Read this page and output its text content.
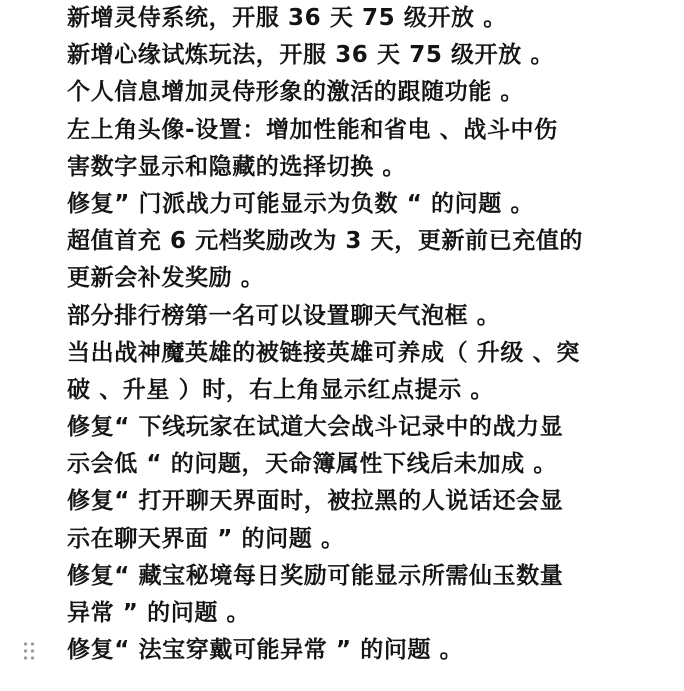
新增灵侍系统，开服 36 天 75 级开放 。
新增心缘试炼玩法，开服 36 天 75 级开放 。
个人信息增加灵侍形象的激活的跟随功能 。
左上角头像-设置：增加性能和省电 、战斗中伤
害数字显示和隐藏的选择切换 。
修复” 门派战力可能显示为负数 “ 的问题 。
超值首充 6 元档奖励改为 3 天，更新前已充值的
更新会补发奖励 。
部分排行榜第一名可以设置聊天气泡框 。
当出战神魔英雄的被链接英雄可养成（ 升级 、突
破 、升星 ）时，右上角显示红点提示 。
修复“ 下线玩家在试道大会战斗记录中的战力显
示会低 “ 的问题，天命簿属性下线后未加成 。
修复“ 打开聊天界面时，被拉黑的人说话还会显
示在聊天界面 ” 的问题 。
修复“ 藏宝秘境每日奖励可能显示所需仙玉数量
异常 ” 的问题 。
修复“ 法宝穿戴可能异常 ” 的问题 。
